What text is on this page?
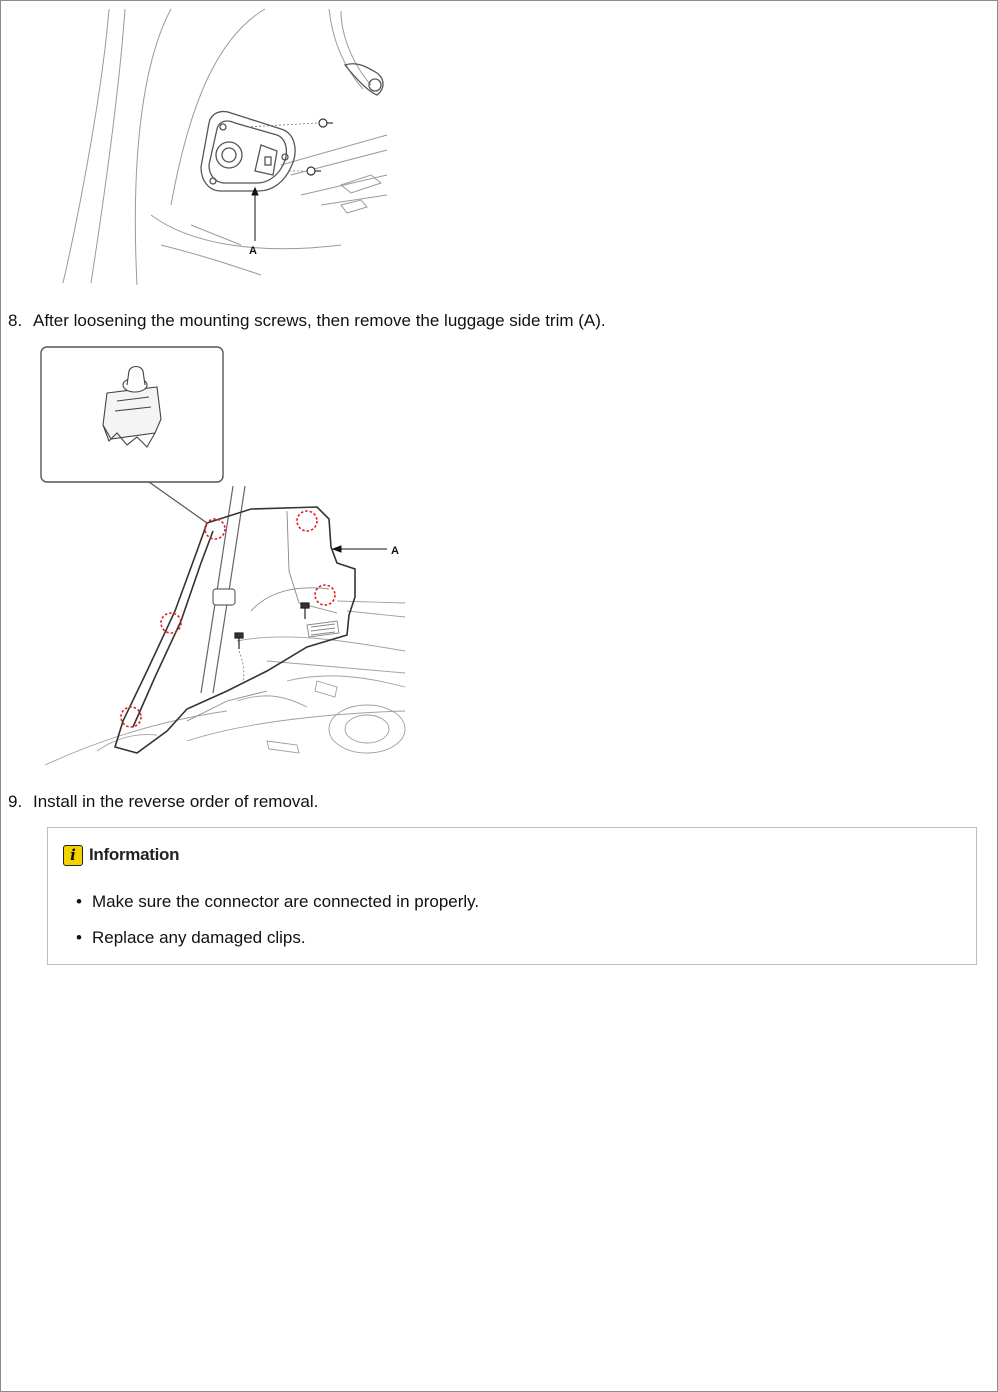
A
8. After loosening the mounting screws, then remove the luggage side trim (A).
A
9. Install in the reverse order of removal.
i Information
• Make sure the connector are connected in properly.
• Replace any damaged clips.
